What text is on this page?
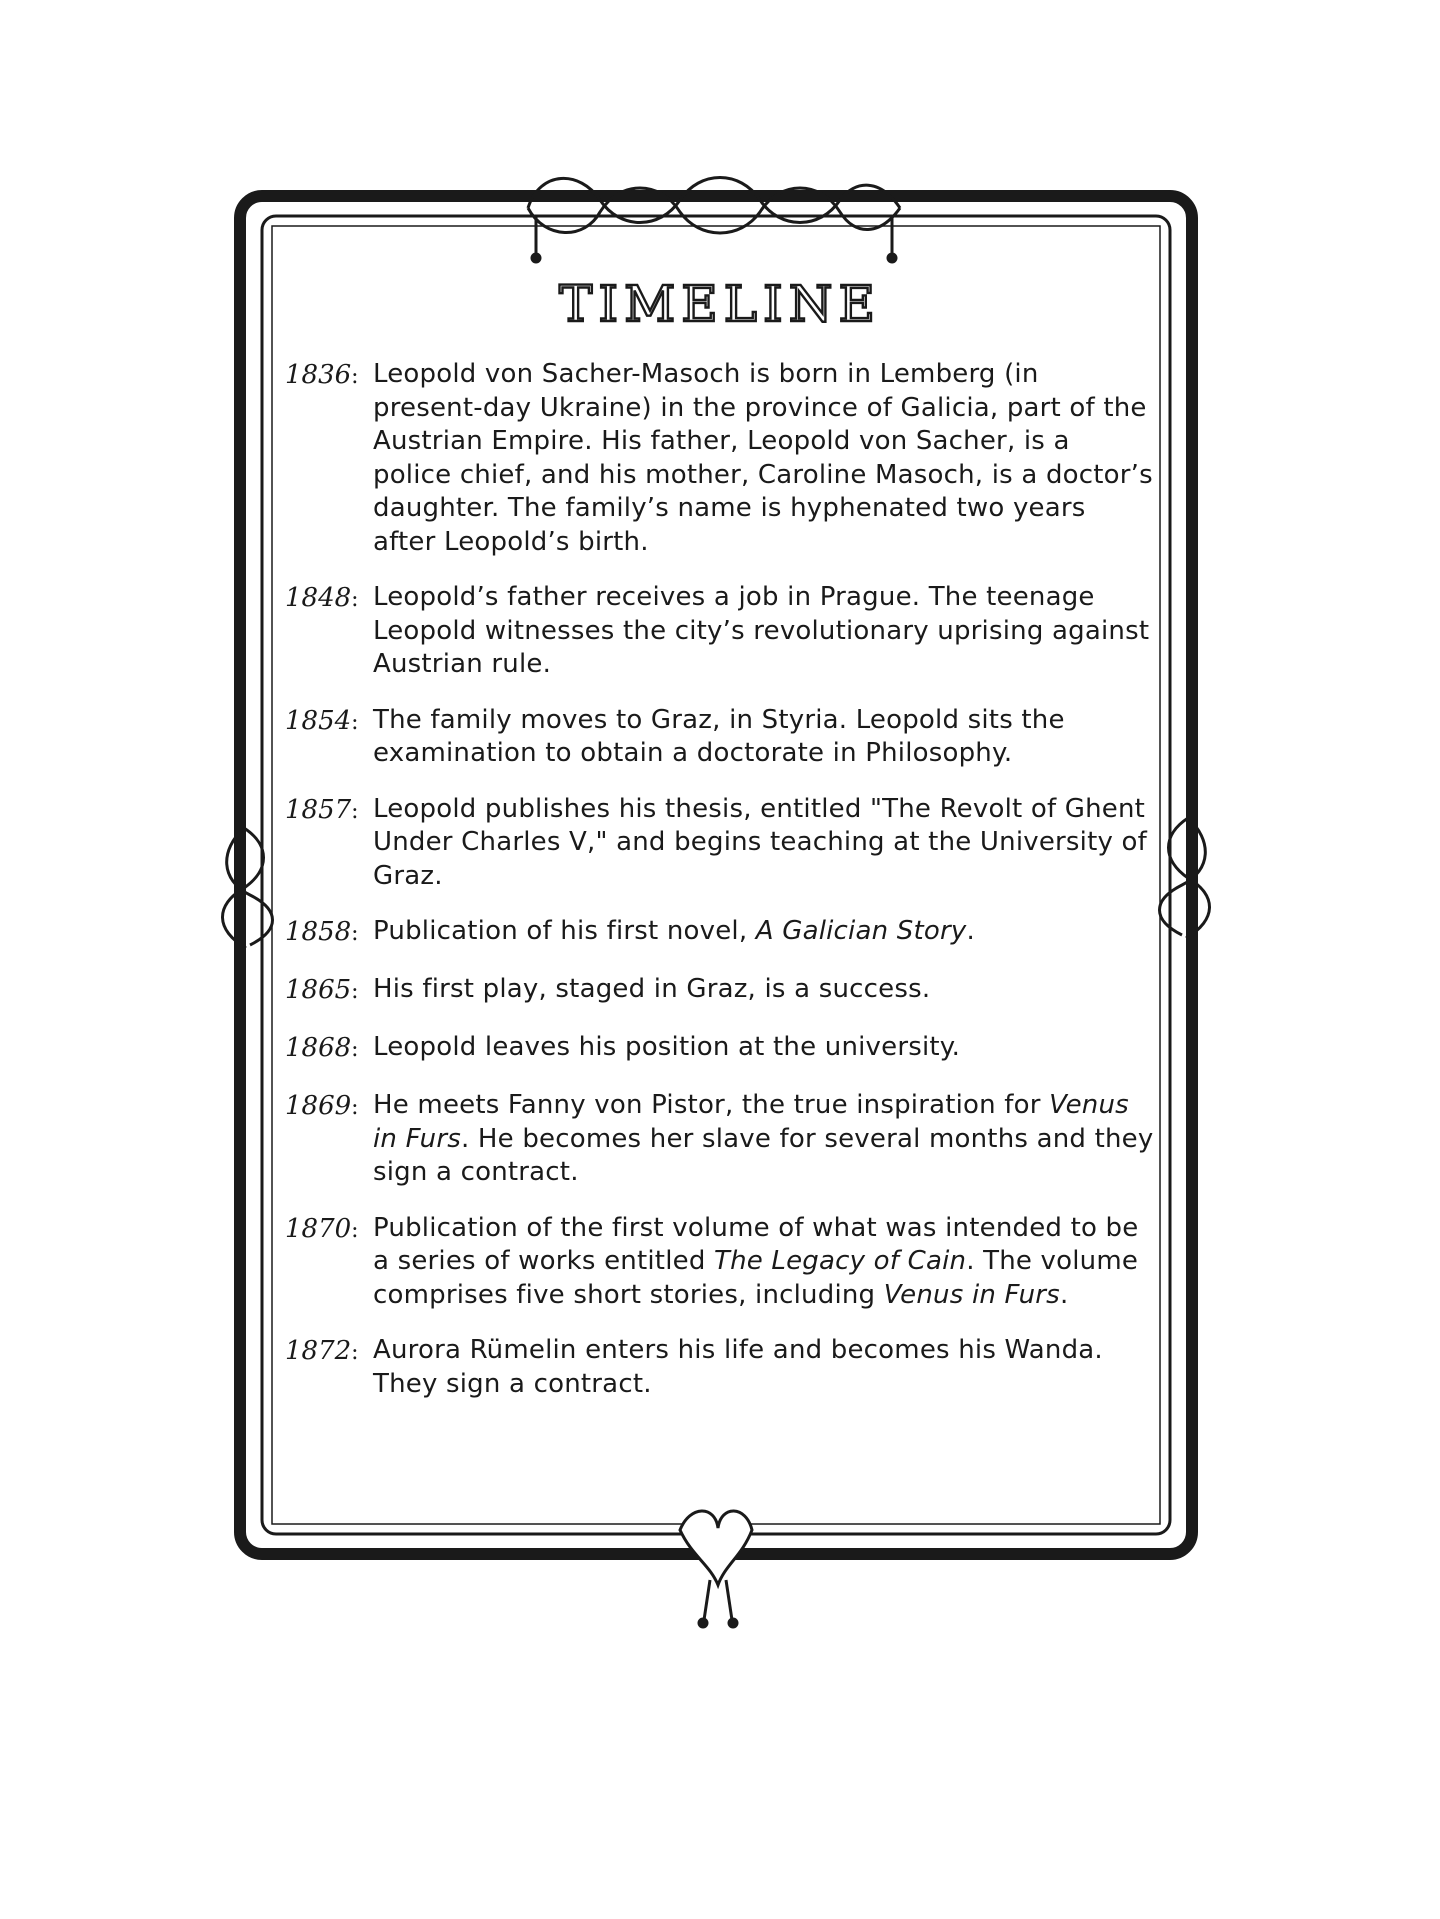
TIMELINE
1836: Leopold von Sacher-Masoch is born in Lemberg (in present-day Ukraine) in the province of Galicia, part of the Austrian Empire. His father, Leopold von Sacher, is a police chief, and his mother, Caroline Masoch, is a doctor’s daughter. The family’s name is hyphenated two years after Leopold’s birth.
1848: Leopold’s father receives a job in Prague. The teenage Leopold witnesses the city’s revolutionary uprising against Austrian rule.
1854: The family moves to Graz, in Styria. Leopold sits the examination to obtain a doctorate in Philosophy.
1857: Leopold publishes his thesis, entitled "The Revolt of Ghent Under Charles V," and begins teaching at the University of Graz.
1858: Publication of his first novel, A Galician Story.
1865: His first play, staged in Graz, is a success.
1868: Leopold leaves his position at the university.
1869: He meets Fanny von Pistor, the true inspiration for Venus in Furs. He becomes her slave for several months and they sign a contract.
1870: Publication of the first volume of what was intended to be a series of works entitled The Legacy of Cain. The volume comprises five short stories, including Venus in Furs.
1872: Aurora Rümelin enters his life and becomes his Wanda. They sign a contract.
